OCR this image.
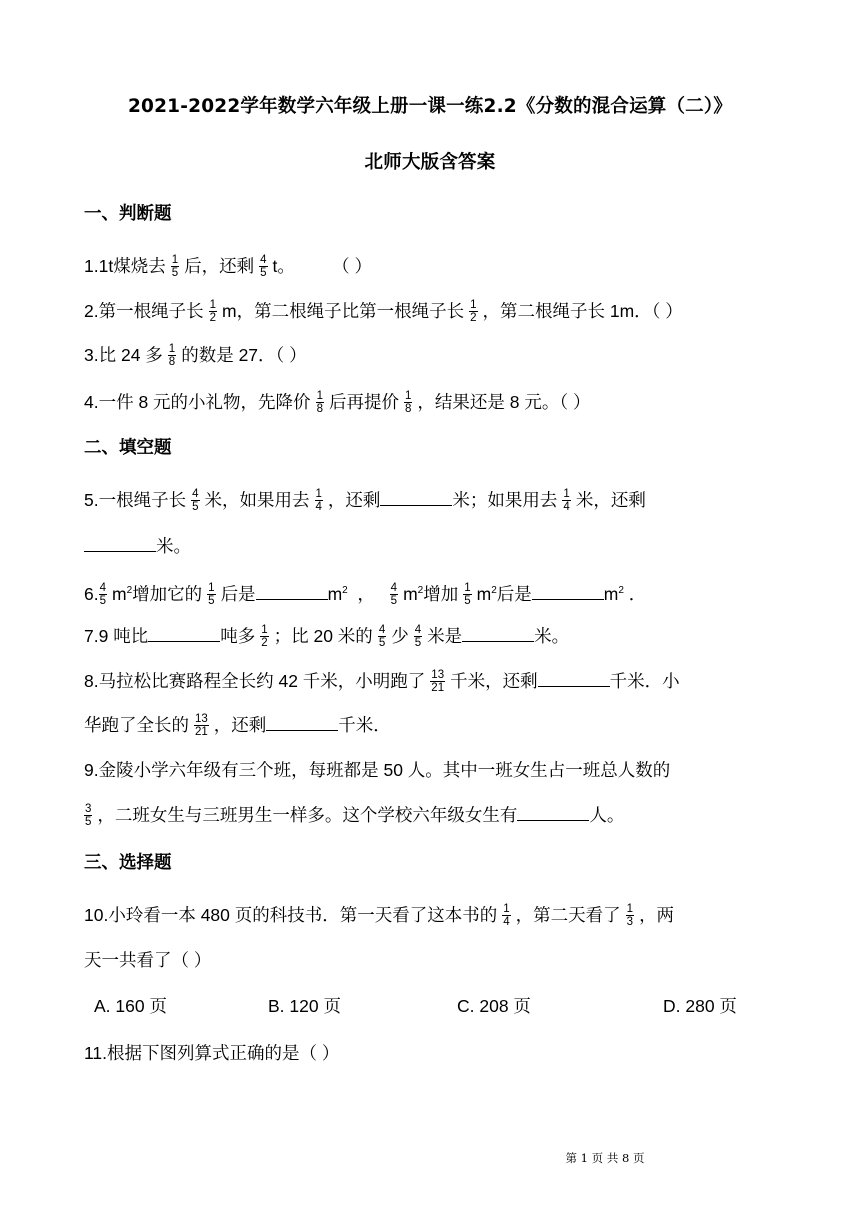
2021-2022学年数学六年级上册一课一练2.2《分数的混合运算（二）》
北师大版含答案
一、判断题
1.1t煤烧去 $\frac{1}{5}$ 后，还剩 $\frac{4}{5}$ t。	（ ）
2.第一根绳子长 $\frac{1}{2}$ m，第二根绳子比第一根绳子长 $\frac{1}{2}$ ，第二根绳子长 1m．（ ）
3.比 24 多 $\frac{1}{8}$ 的数是 27．（ ）
4.一件 8 元的小礼物，先降价 $\frac{1}{8}$ 后再提价 $\frac{1}{8}$ ，结果还是 8 元。（ ）
二、填空题
5.一根绳子长 $\frac{4}{5}$ 米，如果用去 $\frac{1}{4}$ ，还剩	米；如果用去 $\frac{1}{4}$ 米，还剩
米。
6. $\frac{4}{5} m^2$增加它的 $\frac{1}{5}$ 后是	$m^2$  ， $\frac{4}{5} m^2$增加 $\frac{1}{5} m^2$后是	$m^2$ ．
7.9 吨比	吨多 $\frac{1}{2}$ ；比 20 米的 $\frac{4}{5}$ 少 $\frac{4}{5}$ 米是	米。
8.马拉松比赛路程全长约 42 千米，小明跑了 $\frac{13}{21}$ 千米，还剩	千米．小
华跑了全长的 $\frac{13}{21}$ ，还剩	千米．
9.金陵小学六年级有三个班，每班都是 50 人。其中一班女生占一班总人数的
$\frac{3}{5}$ ，二班女生与三班男生一样多。这个学校六年级女生有	人。
三、选择题
10.小玲看一本 480 页的科技书．第一天看了这本书的 $\frac{1}{4}$ ，第二天看了 $\frac{1}{3}$ ，两
天一共看了（ ）
A. 160 页	B. 120 页	C. 208 页	D. 280 页
11.根据下图列算式正确的是（ ）
第 1 页 共 8 页
